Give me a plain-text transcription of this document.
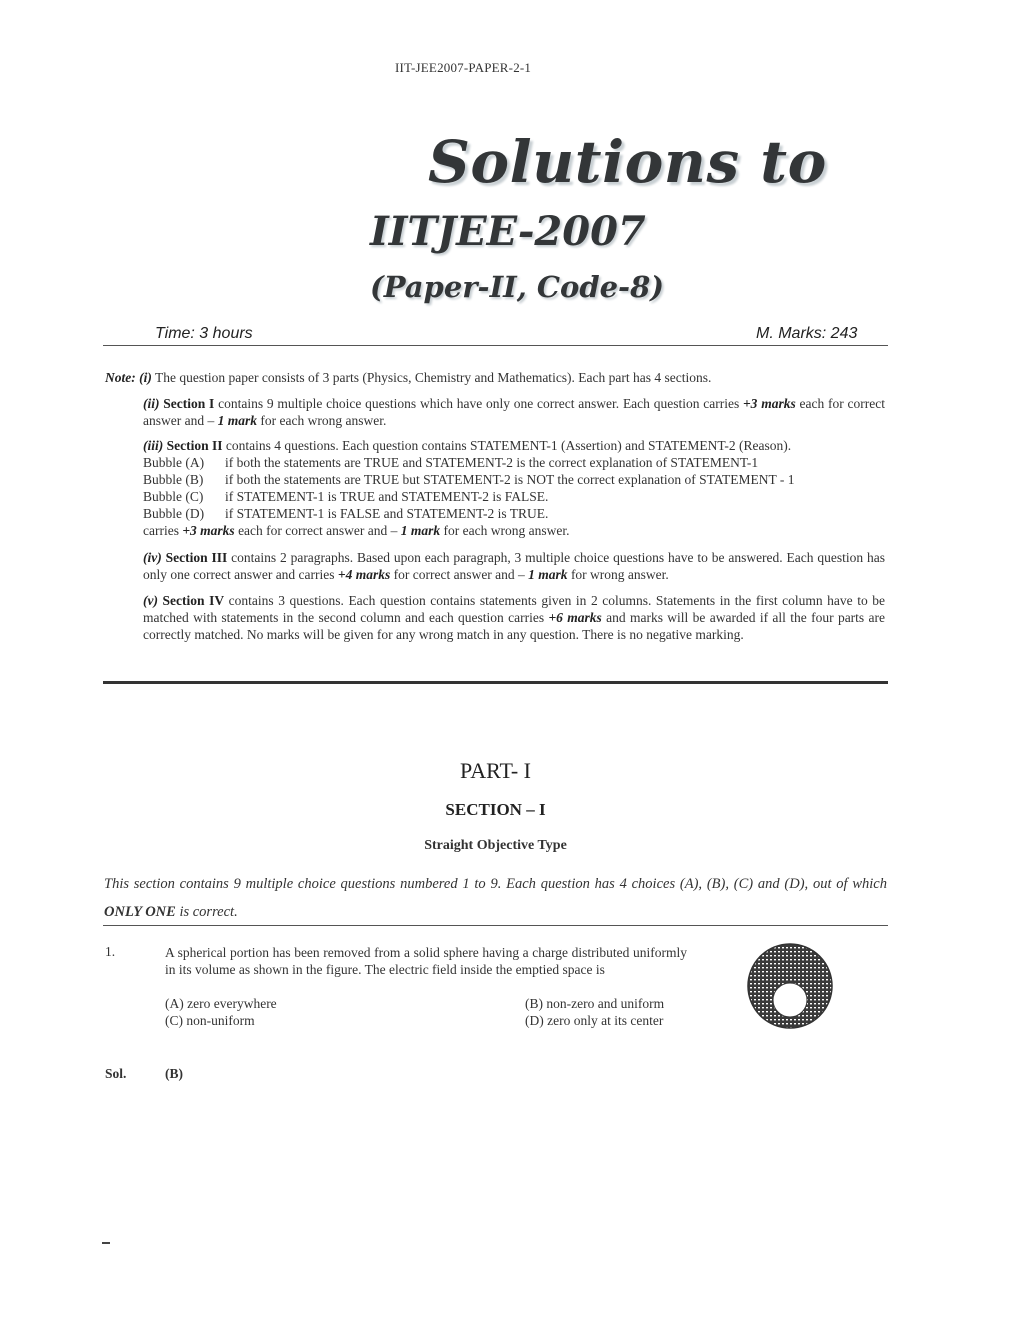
IIT-JEE2007-PAPER-2-1
Solutions to
IITJEE-2007
(Paper-II, Code-8)
Time: 3 hours	M. Marks: 243
Note: (i) The question paper consists of 3 parts (Physics, Chemistry and Mathematics). Each part has 4 sections.
(ii) Section I contains 9 multiple choice questions which have only one correct answer. Each question carries +3 marks each for correct answer and – 1 mark for each wrong answer.
(iii) Section II contains 4 questions. Each question contains STATEMENT-1 (Assertion) and STATEMENT-2 (Reason).
Bubble (A)	if both the statements are TRUE and STATEMENT-2 is the correct explanation of STATEMENT-1
Bubble (B)	if both the statements are TRUE but STATEMENT-2 is NOT the correct explanation of STATEMENT - 1
Bubble (C)	if STATEMENT-1 is TRUE and STATEMENT-2 is FALSE.
Bubble (D)	if STATEMENT-1 is FALSE and STATEMENT-2 is TRUE.
carries +3 marks each for correct answer and – 1 mark for each wrong answer.
(iv) Section III contains 2 paragraphs. Based upon each paragraph, 3 multiple choice questions have to be answered. Each question has only one correct answer and carries +4 marks for correct answer and – 1 mark for wrong answer.
(v) Section IV contains 3 questions. Each question contains statements given in 2 columns. Statements in the first column have to be matched with statements in the second column and each question carries +6 marks and marks will be awarded if all the four parts are correctly matched. No marks will be given for any wrong match in any question. There is no negative marking.
PART- I
SECTION – I
Straight Objective Type
This section contains 9 multiple choice questions numbered 1 to 9. Each question has 4 choices (A), (B), (C) and (D), out of which ONLY ONE is correct.
1.	A spherical portion has been removed from a solid sphere having a charge distributed uniformly in its volume as shown in the figure. The electric field inside the emptied space is
(A) zero everywhere	(B) non-zero and uniform
(C) non-uniform	(D) zero only at its center
Sol.	(B)
